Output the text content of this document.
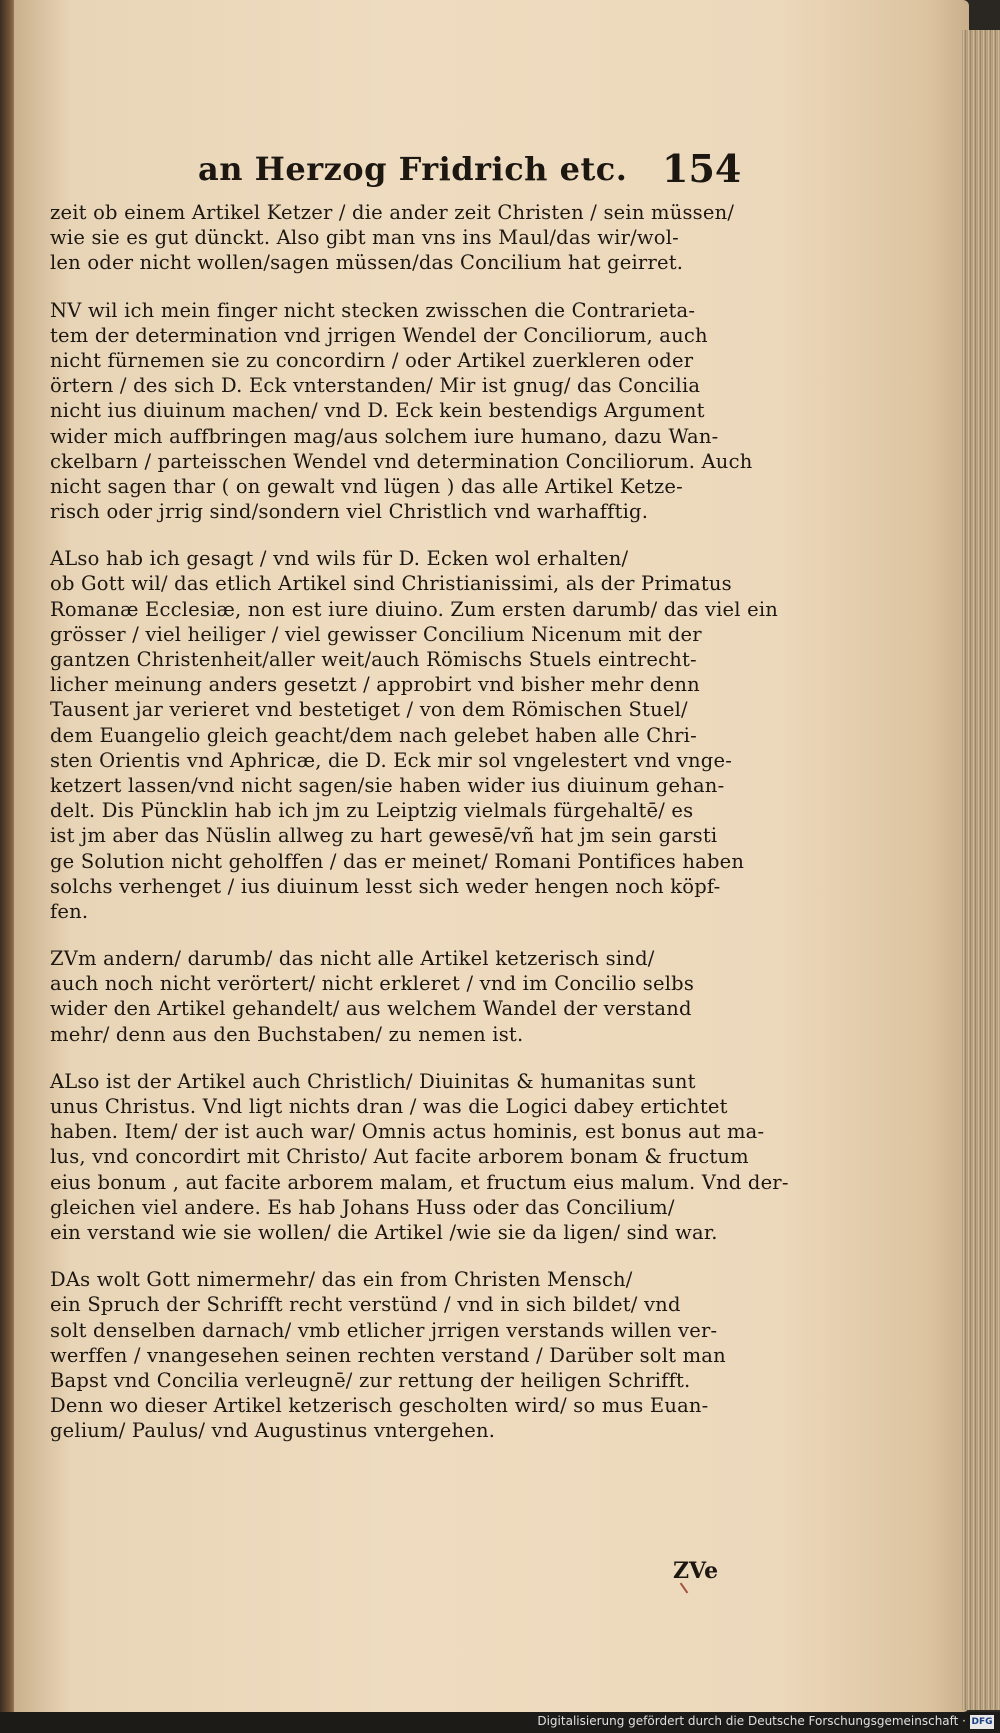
an Herzog Fridrich etc. 154
zeit ob einem Artikel Ketzer / die ander zeit Christen / sein müssen/
wie sie es gut dünckt. Also gibt man vns ins Maul/das wir/wol-
len oder nicht wollen/sagen müssen/das Concilium hat geirret.
NV wil ich mein finger nicht stecken zwisschen die Contrarieta-
tem der determination vnd jrrigen Wendel der Conciliorum, auch
nicht fürnemen sie zu concordirn / oder Artikel zuerkleren oder
örtern / des sich D. Eck vnterstanden/ Mir ist gnug/ das Concilia
nicht ius diuinum machen/ vnd D. Eck kein bestendigs Argument
wider mich auffbringen mag/aus solchem iure humano, dazu Wan-
ckelbarn / parteisschen Wendel vnd determination Conciliorum. Auch
nicht sagen thar ( on gewalt vnd lügen ) das alle Artikel Ketze-
risch oder jrrig sind/sondern viel Christlich vnd warhafftig.
ALso hab ich gesagt / vnd wils für D. Ecken wol erhalten/
ob Gott wil/ das etlich Artikel sind Christianissimi, als der Primatus
Romanæ Ecclesiæ, non est iure diuino. Zum ersten darumb/ das viel ein
grösser / viel heiliger / viel gewisser Concilium Nicenum mit der
gantzen Christenheit/aller weit/auch Römischs Stuels eintrecht-
licher meinung anders gesetzt / approbirt vnd bisher mehr denn
Tausent jar verieret vnd bestetiget / von dem Römischen Stuel/
dem Euangelio gleich geacht/dem nach gelebet haben alle Chri-
sten Orientis vnd Aphricæ, die D. Eck mir sol vngelestert vnd vnge-
ketzert lassen/vnd nicht sagen/sie haben wider ius diuinum gehan-
delt. Dis Püncklin hab ich jm zu Leiptzig vielmals fürgehaltē/ es
ist jm aber das Nüslin allweg zu hart gewesē/vñ hat jm sein garsti
ge Solution nicht geholffen / das er meinet/ Romani Pontifices haben
solchs verhenget / ius diuinum lesst sich weder hengen noch köpf-
fen.
ZVm andern/ darumb/ das nicht alle Artikel ketzerisch sind/
auch noch nicht verörtert/ nicht erkleret / vnd im Concilio selbs
wider den Artikel gehandelt/ aus welchem Wandel der verstand
mehr/ denn aus den Buchstaben/ zu nemen ist.
ALso ist der Artikel auch Christlich/ Diuinitas & humanitas sunt
unus Christus. Vnd ligt nichts dran / was die Logici dabey ertichtet
haben. Item/ der ist auch war/ Omnis actus hominis, est bonus aut ma-
lus, vnd concordirt mit Christo/ Aut facite arborem bonam & fructum
eius bonum , aut facite arborem malam, et fructum eius malum. Vnd der-
gleichen viel andere. Es hab Johans Huss oder das Concilium/
ein verstand wie sie wollen/ die Artikel /wie sie da ligen/ sind war.
DAs wolt Gott nimermehr/ das ein from Christen Mensch/
ein Spruch der Schrifft recht verstünd / vnd in sich bildet/ vnd
solt denselben darnach/ vmb etlicher jrrigen verstands willen ver-
werffen / vnangesehen seinen rechten verstand / Darüber solt man
Bapst vnd Concilia verleugnē/ zur rettung der heiligen Schrifft.
Denn wo dieser Artikel ketzerisch gescholten wird/ so mus Euan-
gelium/ Paulus/ vnd Augustinus vntergehen.
ZVe
Digitalisierung gefördert durch die Deutsche Forschungsgemeinschaft · DFG
